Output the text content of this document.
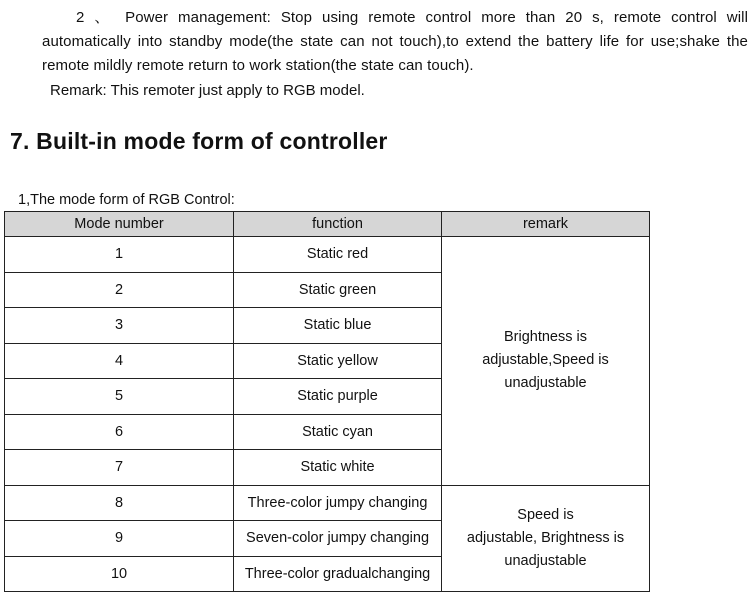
2 、 Power management: Stop using remote control more than 20 s, remote control will
automatically into standby mode(the state can not touch),to extend the battery life for use;shake the
remote mildly remote return to work station(the state can touch).
Remark: This remoter just apply to RGB model.
7. Built-in mode form of controller
1,The mode form of RGB Control:
Mode number	function	remark
1	Static red	Brightness is
adjustable,Speed is
unadjustable

2	Static green	
3	Static blue	
4	Static yellow	
5	Static purple	
6	Static cyan	
7	Static white	
8	Three-color jumpy changing	Speed is
adjustable, Brightness is
unadjustable

9	Seven-color jumpy changing	
10	Three-color gradualchanging	
